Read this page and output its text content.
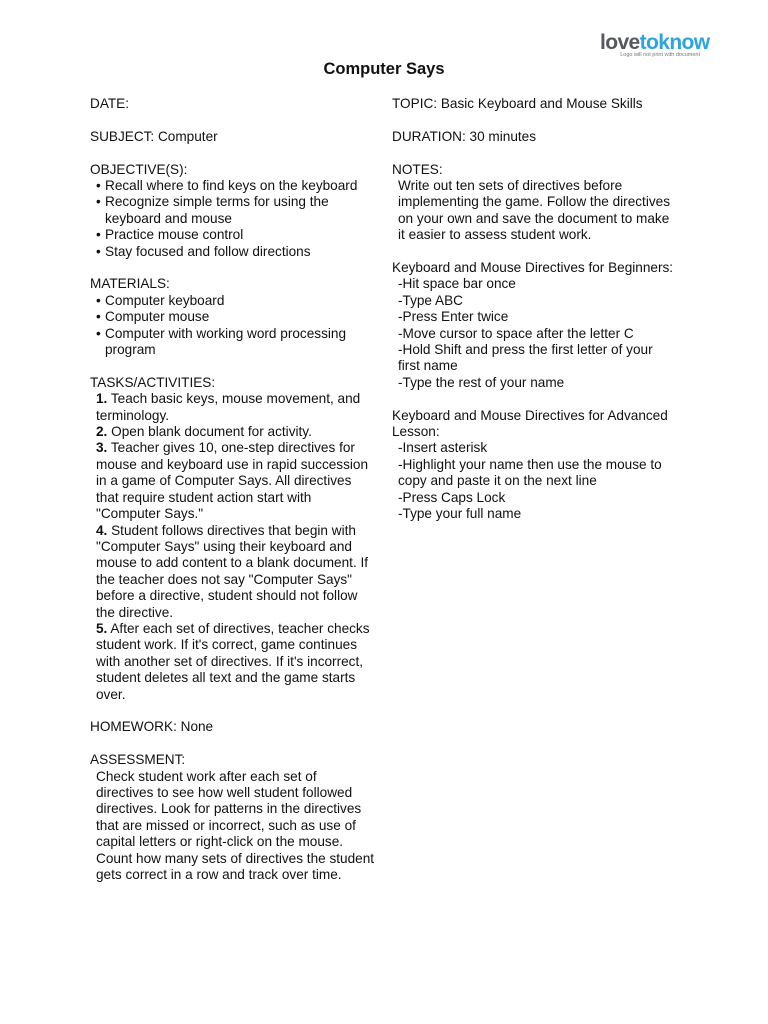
lovetoknow
Logo will not print with document
Computer Says
DATE:
SUBJECT: Computer
OBJECTIVE(S):
• Recall where to find keys on the keyboard
• Recognize simple terms for using the
keyboard and mouse
• Practice mouse control
• Stay focused and follow directions
MATERIALS:
• Computer keyboard
• Computer mouse
• Computer with working word processing
program
TASKS/ACTIVITIES:
1. Teach basic keys, mouse movement, and
terminology.
2. Open blank document for activity.
3. Teacher gives 10, one-step directives for
mouse and keyboard use in rapid succession
in a game of Computer Says. All directives
that require student action start with
"Computer Says."
4. Student follows directives that begin with
"Computer Says" using their keyboard and
mouse to add content to a blank document. If
the teacher does not say "Computer Says"
before a directive, student should not follow
the directive.
5. After each set of directives, teacher checks
student work. If it's correct, game continues
with another set of directives. If it's incorrect,
student deletes all text and the game starts
over.
HOMEWORK: None
ASSESSMENT:
Check student work after each set of
directives to see how well student followed
directives. Look for patterns in the directives
that are missed or incorrect, such as use of
capital letters or right-click on the mouse.
Count how many sets of directives the student
gets correct in a row and track over time.
TOPIC: Basic Keyboard and Mouse Skills
DURATION: 30 minutes
NOTES:
Write out ten sets of directives before
implementing the game. Follow the directives
on your own and save the document to make
it easier to assess student work.
Keyboard and Mouse Directives for Beginners:
-Hit space bar once
-Type ABC
-Press Enter twice
-Move cursor to space after the letter C
-Hold Shift and press the first letter of your
first name
-Type the rest of your name
Keyboard and Mouse Directives for Advanced
Lesson:
-Insert asterisk
-Highlight your name then use the mouse to
copy and paste it on the next line
-Press Caps Lock
-Type your full name
